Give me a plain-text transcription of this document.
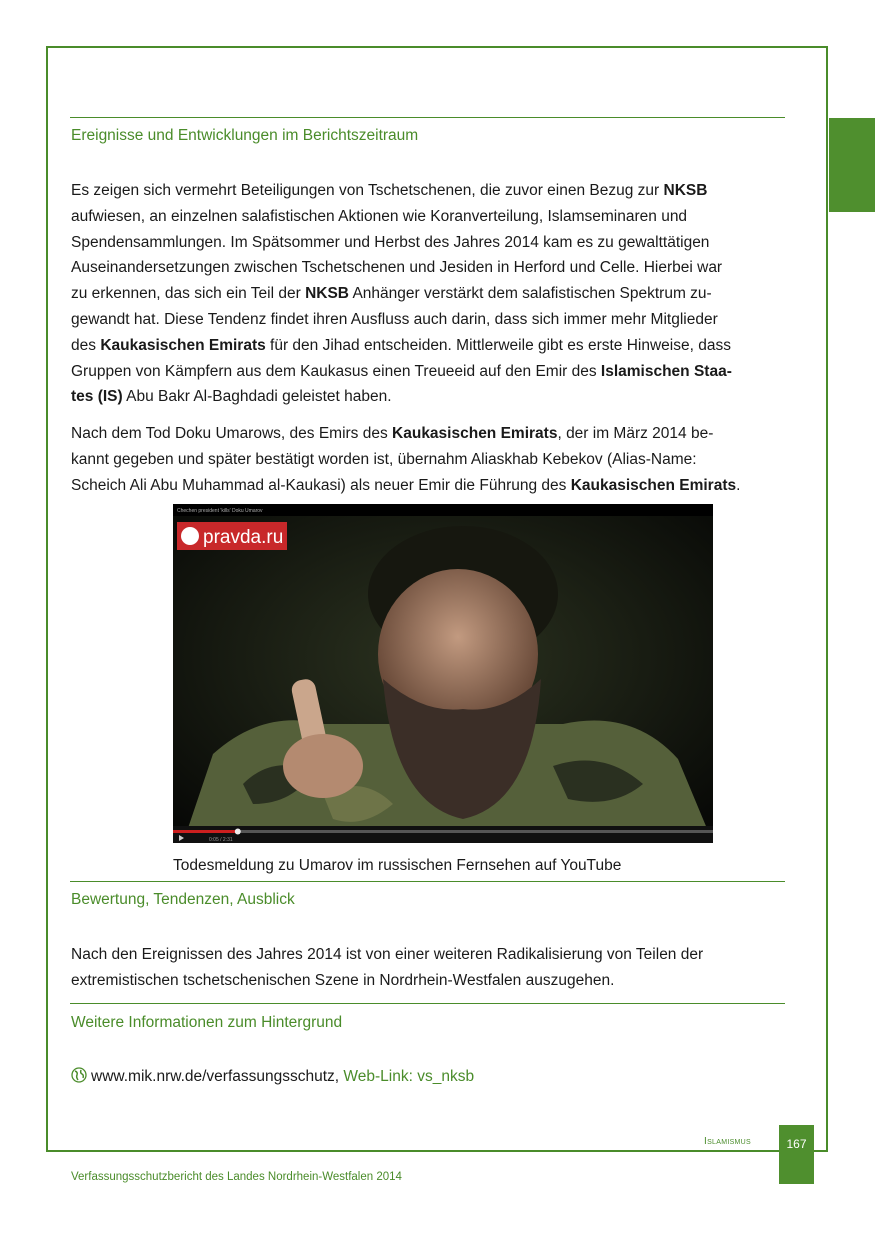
Ereignisse und Entwicklungen im Berichtszeitraum

Es zeigen sich vermehrt Beteiligungen von Tschetschenen, die zuvor einen Bezug zur NKSB
aufwiesen, an einzelnen salafistischen Aktionen wie Koranverteilung, Islamseminaren und
Spendensammlungen. Im Spätsommer und Herbst des Jahres 2014 kam es zu gewalttätigen
Auseinandersetzungen zwischen Tschetschenen und Jesiden in Herford und Celle. Hierbei war
zu erkennen, das sich ein Teil der NKSB Anhänger verstärkt dem salafistischen Spektrum zu-
gewandt hat. Diese Tendenz findet ihren Ausfluss auch darin, dass sich immer mehr Mitglieder
des Kaukasischen Emirats für den Jihad entscheiden. Mittlerweile gibt es erste Hinweise, dass
Gruppen von Kämpfern aus dem Kaukasus einen Treueeid auf den Emir des Islamischen Staa-
tes (IS) Abu Bakr Al-Baghdadi geleistet haben.

Nach dem Tod Doku Umarows, des Emirs des Kaukasischen Emirats, der im März 2014 be-
kannt gegeben und später bestätigt worden ist, übernahm Aliaskhab Kebekov (Alias-Name:
Scheich Ali Abu Muhammad al-Kaukasi) als neuer Emir die Führung des Kaukasischen Emirats.

Chechen president 'kills' Doku Umarov
pravda.ru
0:05 / 2:31
Todesmeldung zu Umarov im russischen Fernsehen auf YouTube
Bewertung, Tendenzen, Ausblick

Nach den Ereignissen des Jahres 2014 ist von einer weiteren Radikalisierung von Teilen der
extremistischen tschetschenischen Szene in Nordrhein-Westfalen auszugehen.

Weitere Informationen zum Hintergrund
www.mik.nrw.de/verfassungsschutz, Web-Link: vs_nksb
Islamismus	167
Verfassungsschutzbericht des Landes Nordrhein-Westfalen 2014
